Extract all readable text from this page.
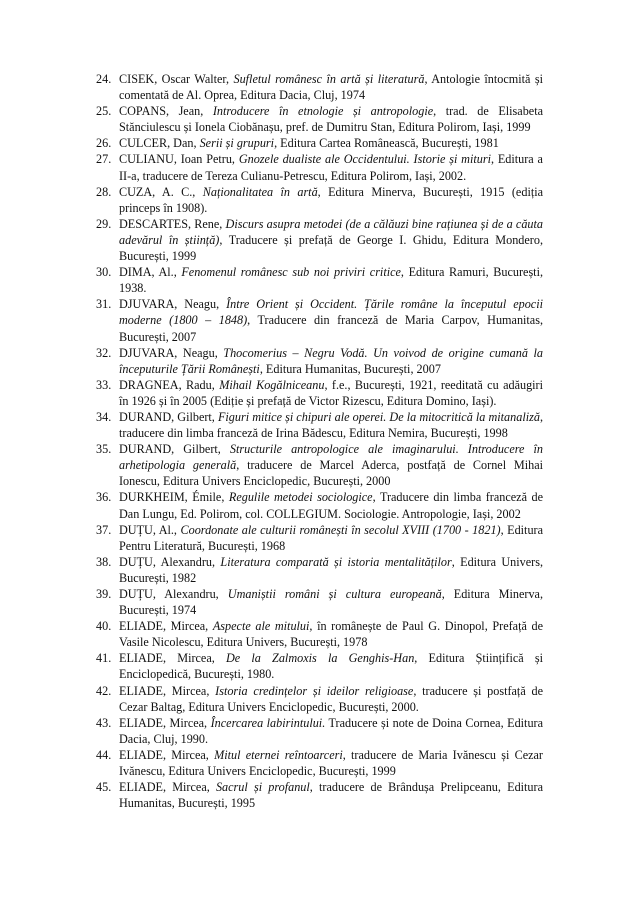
24. CISEK, Oscar Walter, Sufletul românesc în artă și literatură, Antologie întocmită și comentată de Al. Oprea, Editura Dacia, Cluj, 1974
25. COPANS, Jean, Introducere în etnologie și antropologie, trad. de Elisabeta Stănciulescu și Ionela Ciobănașu, pref. de Dumitru Stan, Editura Polirom, Iași, 1999
26. CULCER, Dan, Serii și grupuri, Editura Cartea Românească, București, 1981
27. CULIANU, Ioan Petru, Gnozele dualiste ale Occidentului. Istorie și mituri, Editura a II-a, traducere de Tereza Culianu-Petrescu, Editura Polirom, Iași, 2002.
28. CUZA, A. C., Naționalitatea în artă, Editura Minerva, București, 1915 (ediția princeps în 1908).
29. DESCARTES, Rene, Discurs asupra metodei (de a călăuzi bine rațiunea și de a căuta adevărul în știință), Traducere și prefață de George I. Ghidu, Editura Mondero, București, 1999
30. DIMA, Al., Fenomenul românesc sub noi priviri critice, Editura Ramuri, București, 1938.
31. DJUVARA, Neagu, Între Orient și Occident. Țările române la începutul epocii moderne (1800 – 1848), Traducere din franceză de Maria Carpov, Humanitas, București, 2007
32. DJUVARA, Neagu, Thocomerius – Negru Vodă. Un voivod de origine cumană la începuturile Țării Românești, Editura Humanitas, București, 2007
33. DRAGNEA, Radu, Mihail Kogălniceanu, f.e., București, 1921, reeditată cu adăugiri în 1926 și în 2005 (Ediție și prefață de Victor Rizescu, Editura Domino, Iași).
34. DURAND, Gilbert, Figuri mitice și chipuri ale operei. De la mitocritică la mitanaliză, traducere din limba franceză de Irina Bădescu, Editura Nemira, București, 1998
35. DURAND, Gilbert, Structurile antropologice ale imaginarului. Introducere în arhetipologia generală, traducere de Marcel Aderca, postfață de Cornel Mihai Ionescu, Editura Univers Enciclopedic, București, 2000
36. DURKHEIM, Émile, Regulile metodei sociologice, Traducere din limba franceză de Dan Lungu, Ed. Polirom, col. COLLEGIUM. Sociologie. Antropologie, Iași, 2002
37. DUȚU, Al., Coordonate ale culturii românești în secolul XVIII (1700 - 1821), Editura Pentru Literatură, București, 1968
38. DUȚU, Alexandru, Literatura comparată și istoria mentalităților, Editura Univers, București, 1982
39. DUȚU, Alexandru, Umaniștii români și cultura europeană, Editura Minerva, București, 1974
40. ELIADE, Mircea, Aspecte ale mitului, în românește de Paul G. Dinopol, Prefață de Vasile Nicolescu, Editura Univers, București, 1978
41. ELIADE, Mircea, De la Zalmoxis la Genghis-Han, Editura Științifică și Enciclopedică, București, 1980.
42. ELIADE, Mircea, Istoria credințelor și ideilor religioase, traducere și postfață de Cezar Baltag, Editura Univers Enciclopedic, București, 2000.
43. ELIADE, Mircea, Încercarea labirintului. Traducere și note de Doina Cornea, Editura Dacia, Cluj, 1990.
44. ELIADE, Mircea, Mitul eternei reîntoarceri, traducere de Maria Ivănescu și Cezar Ivănescu, Editura Univers Enciclopedic, București, 1999
45. ELIADE, Mircea, Sacrul și profanul, traducere de Brândușa Prelipceanu, Editura Humanitas, București, 1995
